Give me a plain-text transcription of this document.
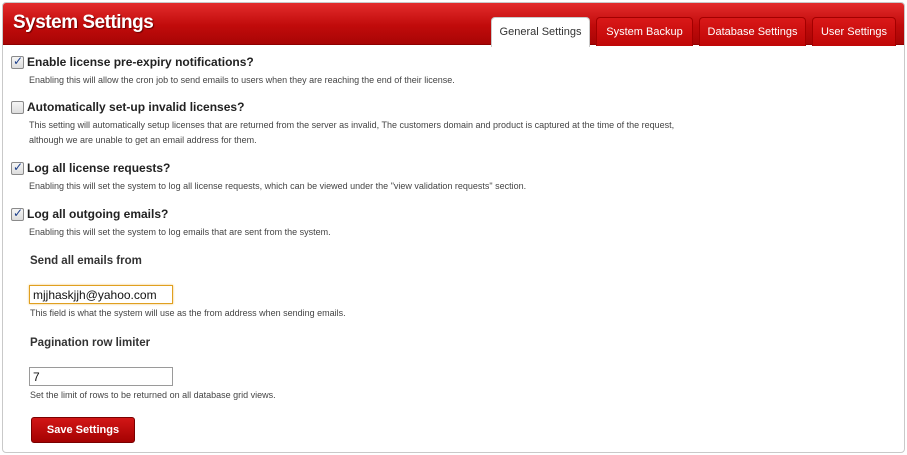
System Settings	General Settings	System Backup	Database Settings	User Settings
✓
Enable license pre-expiry notifications?
Enabling this will allow the cron job to send emails to users when they are reaching the end of their license.
Automatically set-up invalid licenses?
This setting will automatically setup licenses that are returned from the server as invalid, The customers domain and product is captured at the time of the request,
although we are unable to get an email address for them.
✓
Log all license requests?
Enabling this will set the system to log all license requests, which can be viewed under the "view validation requests" section.
✓
Log all outgoing emails?
Enabling this will set the system to log emails that are sent from the system.
Send all emails from
mjjhaskjjh@yahoo.com
This field is what the system will use as the from address when sending emails.
Pagination row limiter
7
Set the limit of rows to be returned on all database grid views.
Save Settings
